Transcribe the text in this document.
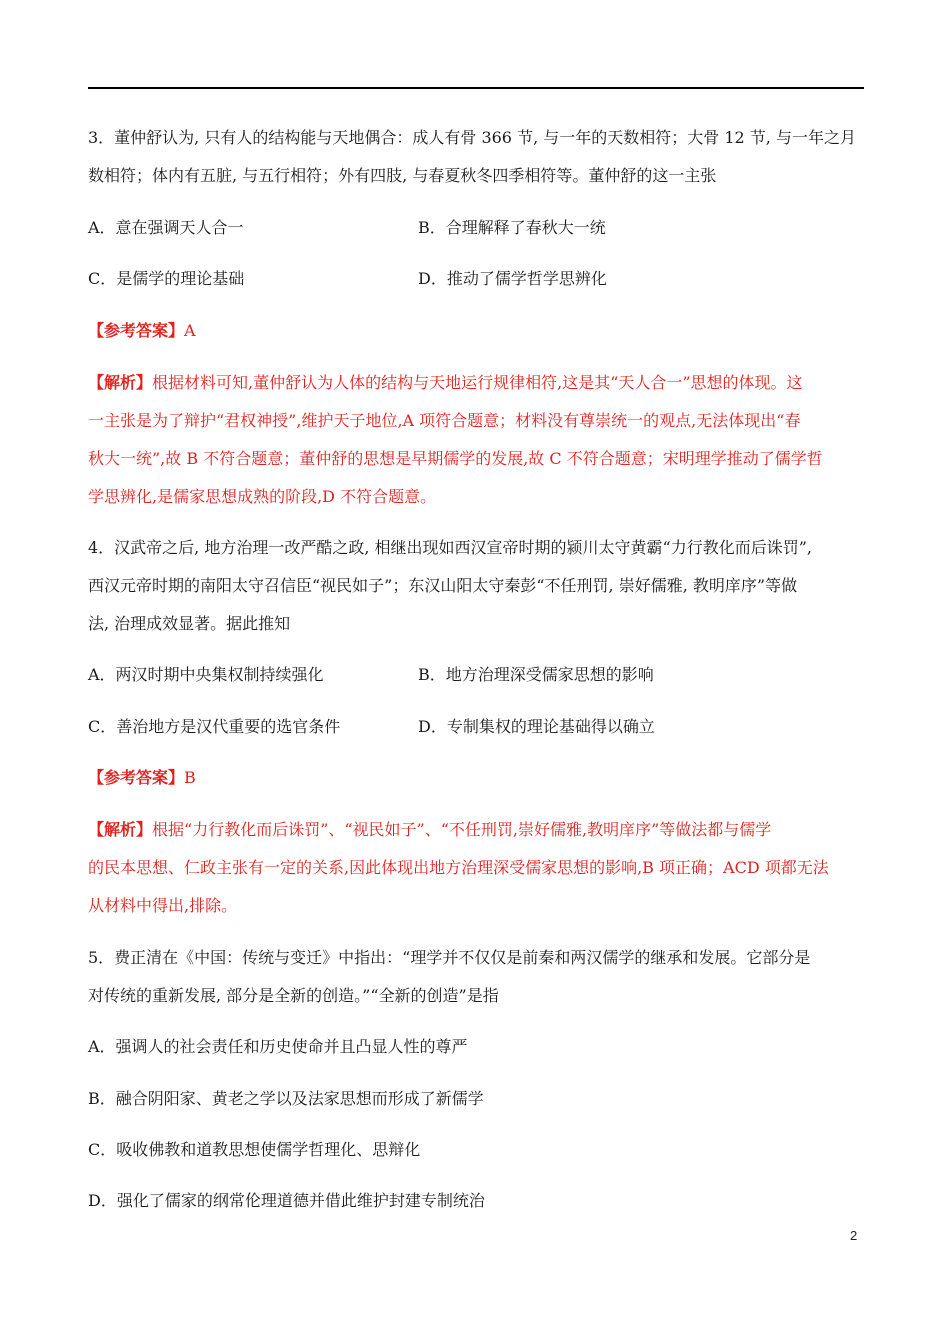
3．董仲舒认为, 只有人的结构能与天地偶合：成人有骨 366 节, 与一年的天数相符；大骨 12 节, 与一年之月
数相符；体内有五脏, 与五行相符；外有四肢, 与春夏秋冬四季相符等。董仲舒的这一主张
A．意在强调天人合一	B．合理解释了春秋大一统
C．是儒学的理论基础	D．推动了儒学哲学思辨化
【参考答案】A
【解析】根据材料可知,董仲舒认为人体的结构与天地运行规律相符,这是其“天人合一”思想的体现。这
一主张是为了辩护“君权神授”,维护天子地位,A 项符合题意；材料没有尊崇统一的观点,无法体现出“春
秋大一统”,故 B 不符合题意；董仲舒的思想是早期儒学的发展,故 C 不符合题意；宋明理学推动了儒学哲
学思辨化,是儒家思想成熟的阶段,D 不符合题意。
4．汉武帝之后, 地方治理一改严酷之政, 相继出现如西汉宣帝时期的颍川太守黄霸“力行教化而后诛罚”,
西汉元帝时期的南阳太守召信臣“视民如子”；东汉山阳太守秦彭“不任刑罚, 崇好儒雅, 教明庠序”等做
法, 治理成效显著。据此推知
A．两汉时期中央集权制持续强化	B．地方治理深受儒家思想的影响
C．善治地方是汉代重要的选官条件	D．专制集权的理论基础得以确立
【参考答案】B
【解析】根据“力行教化而后诛罚”、“视民如子”、“不任刑罚,崇好儒雅,教明庠序”等做法都与儒学
的民本思想、仁政主张有一定的关系,因此体现出地方治理深受儒家思想的影响,B 项正确；ACD 项都无法
从材料中得出,排除。
5．费正清在《中国：传统与变迁》中指出：“理学并不仅仅是前秦和两汉儒学的继承和发展。它部分是
对传统的重新发展, 部分是全新的创造。”“全新的创造”是指
A．强调人的社会责任和历史使命并且凸显人性的尊严
B．融合阴阳家、黄老之学以及法家思想而形成了新儒学
C．吸收佛教和道教思想使儒学哲理化、思辩化
D．强化了儒家的纲常伦理道德并借此维护封建专制统治
2
